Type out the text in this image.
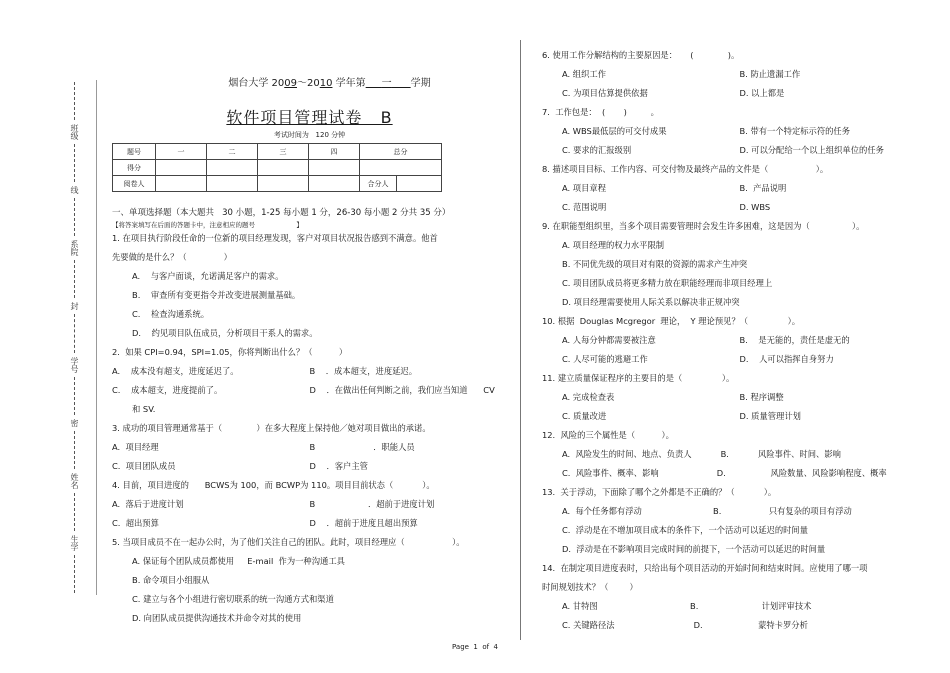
班级
线
系院
封
学号
密
姓名
生学
烟台大学 2009～2010 学年第 一 学期
软件项目管理试卷   B
考试时间为   120 分钟
题号	一	二	三	四	总分	
得分						
阅卷人					合分人	
一、单项选择题（本大题共   30 小题，1-25 每小题 1 分，26-30 每小题 2 分共 35 分）
【将答案填写在后面的答题卡中，注意相应的题号                    】
1. 在项目执行阶段任命的一位新的项目经理发现，客户对项目状况报告感到不满意。他首
先要做的是什么？（              ）
A.    与客户面谈，允诺满足客户的需求。
B.    审查所有变更指令并改变进展测量基础。
C.    检查沟通系统。
D.    约见项目队伍成员，分析项目干系人的需求。
2.  如果 CPI=0.94，SPI=1.05，你将判断出什么？（          ）
A.    成本没有超支，进度延迟了。	B    ．成本超支，进度延迟。
C.    成本超支，进度提前了。	D    ．在做出任何判断之前，我们应当知道      CV
和 SV.
3. 成功的项目管理通常基于（             ）在多大程度上保持他／她对项目做出的承诺。
A.  项目经理	B                      ．职能人员
C.  项目团队成员	D    ．客户主管
4. 目前，项目进度的      BCWS为 100，而 BCWP为 110。项目目前状态（           ）。
A.  落后于进度计划	B                    ．超前于进度计划
C.  超出预算	D    ．超前于进度且超出预算
5. 当项目成员不在一起办公时，为了他们关注自己的团队。此时，项目经理应（                  ）。
A. 保证每个团队成员都使用     E-mail  作为一种沟通工具
B. 命令项目小组服从
C. 建立与各个小组进行密切联系的统一沟通方式和渠道
D. 向团队成员提供沟通技术并命令对其的使用
6. 使用工作分解结构的主要原因是：     (             )。
A. 组织工作	B. 防止遗漏工作
C. 为项目估算提供依据	D. 以上都是
7.  工作包是：  (       )         。
A. WBS最低层的可交付成果	B. 带有一个特定标示符的任务
C. 要求的汇报级别	D. 可以分配给一个以上组织单位的任务
8. 描述项目目标、工作内容、可交付物及最终产品的文件是（                  ）。
A. 项目章程	B.  产品说明
C. 范围说明	D. WBS
9. 在职能型组织里，当多个项目需要管理时会发生许多困难，这是因为（                ）。
A. 项目经理的权力水平限制
B. 不同优先级的项目对有限的资源的需求产生冲突
C. 项目团队成员将更多精力放在职能经理而非项目经理上
D. 项目经理需要使用人际关系以解决非正规冲突
10. 根据  Douglas Mcgregor  理论，  Y 理论预见？（               ）。
A. 人每分钟都需要被注意	B.    是无能的，责任是虚无的
C. 人尽可能的逃避工作	D.    人可以指挥自身努力
11. 建立质量保证程序的主要目的是（               ）。
A. 完成检查表	B. 程序调整
C. 质量改进	D. 质量管理计划
12.  风险的三个属性是（          ）。
A.  风险发生的时间、地点、负责人           B.           风险事件、时间、影响
C.  风险事件、概率、影响                      D.                 风险数量、风险影响程度、概率
13.  关于浮动，下面除了哪个之外都是不正确的？（           ）。
A.  每个任务都有浮动                           B.                  只有复杂的项目有浮动
C.  浮动是在不增加项目成本的条件下，一个活动可以延迟的时间量
D.  浮动是在不影响项目完成时间的前提下，一个活动可以延迟的时间量
14.  在制定项目进度表时，只给出每个项目活动的开始时间和结束时间。应使用了哪一项
时间规划技术？（        ）
A. 甘特图                                   B.                        计划评审技术
C. 关键路径法                              D.                     蒙特卡罗分析
Page  1  of  4
